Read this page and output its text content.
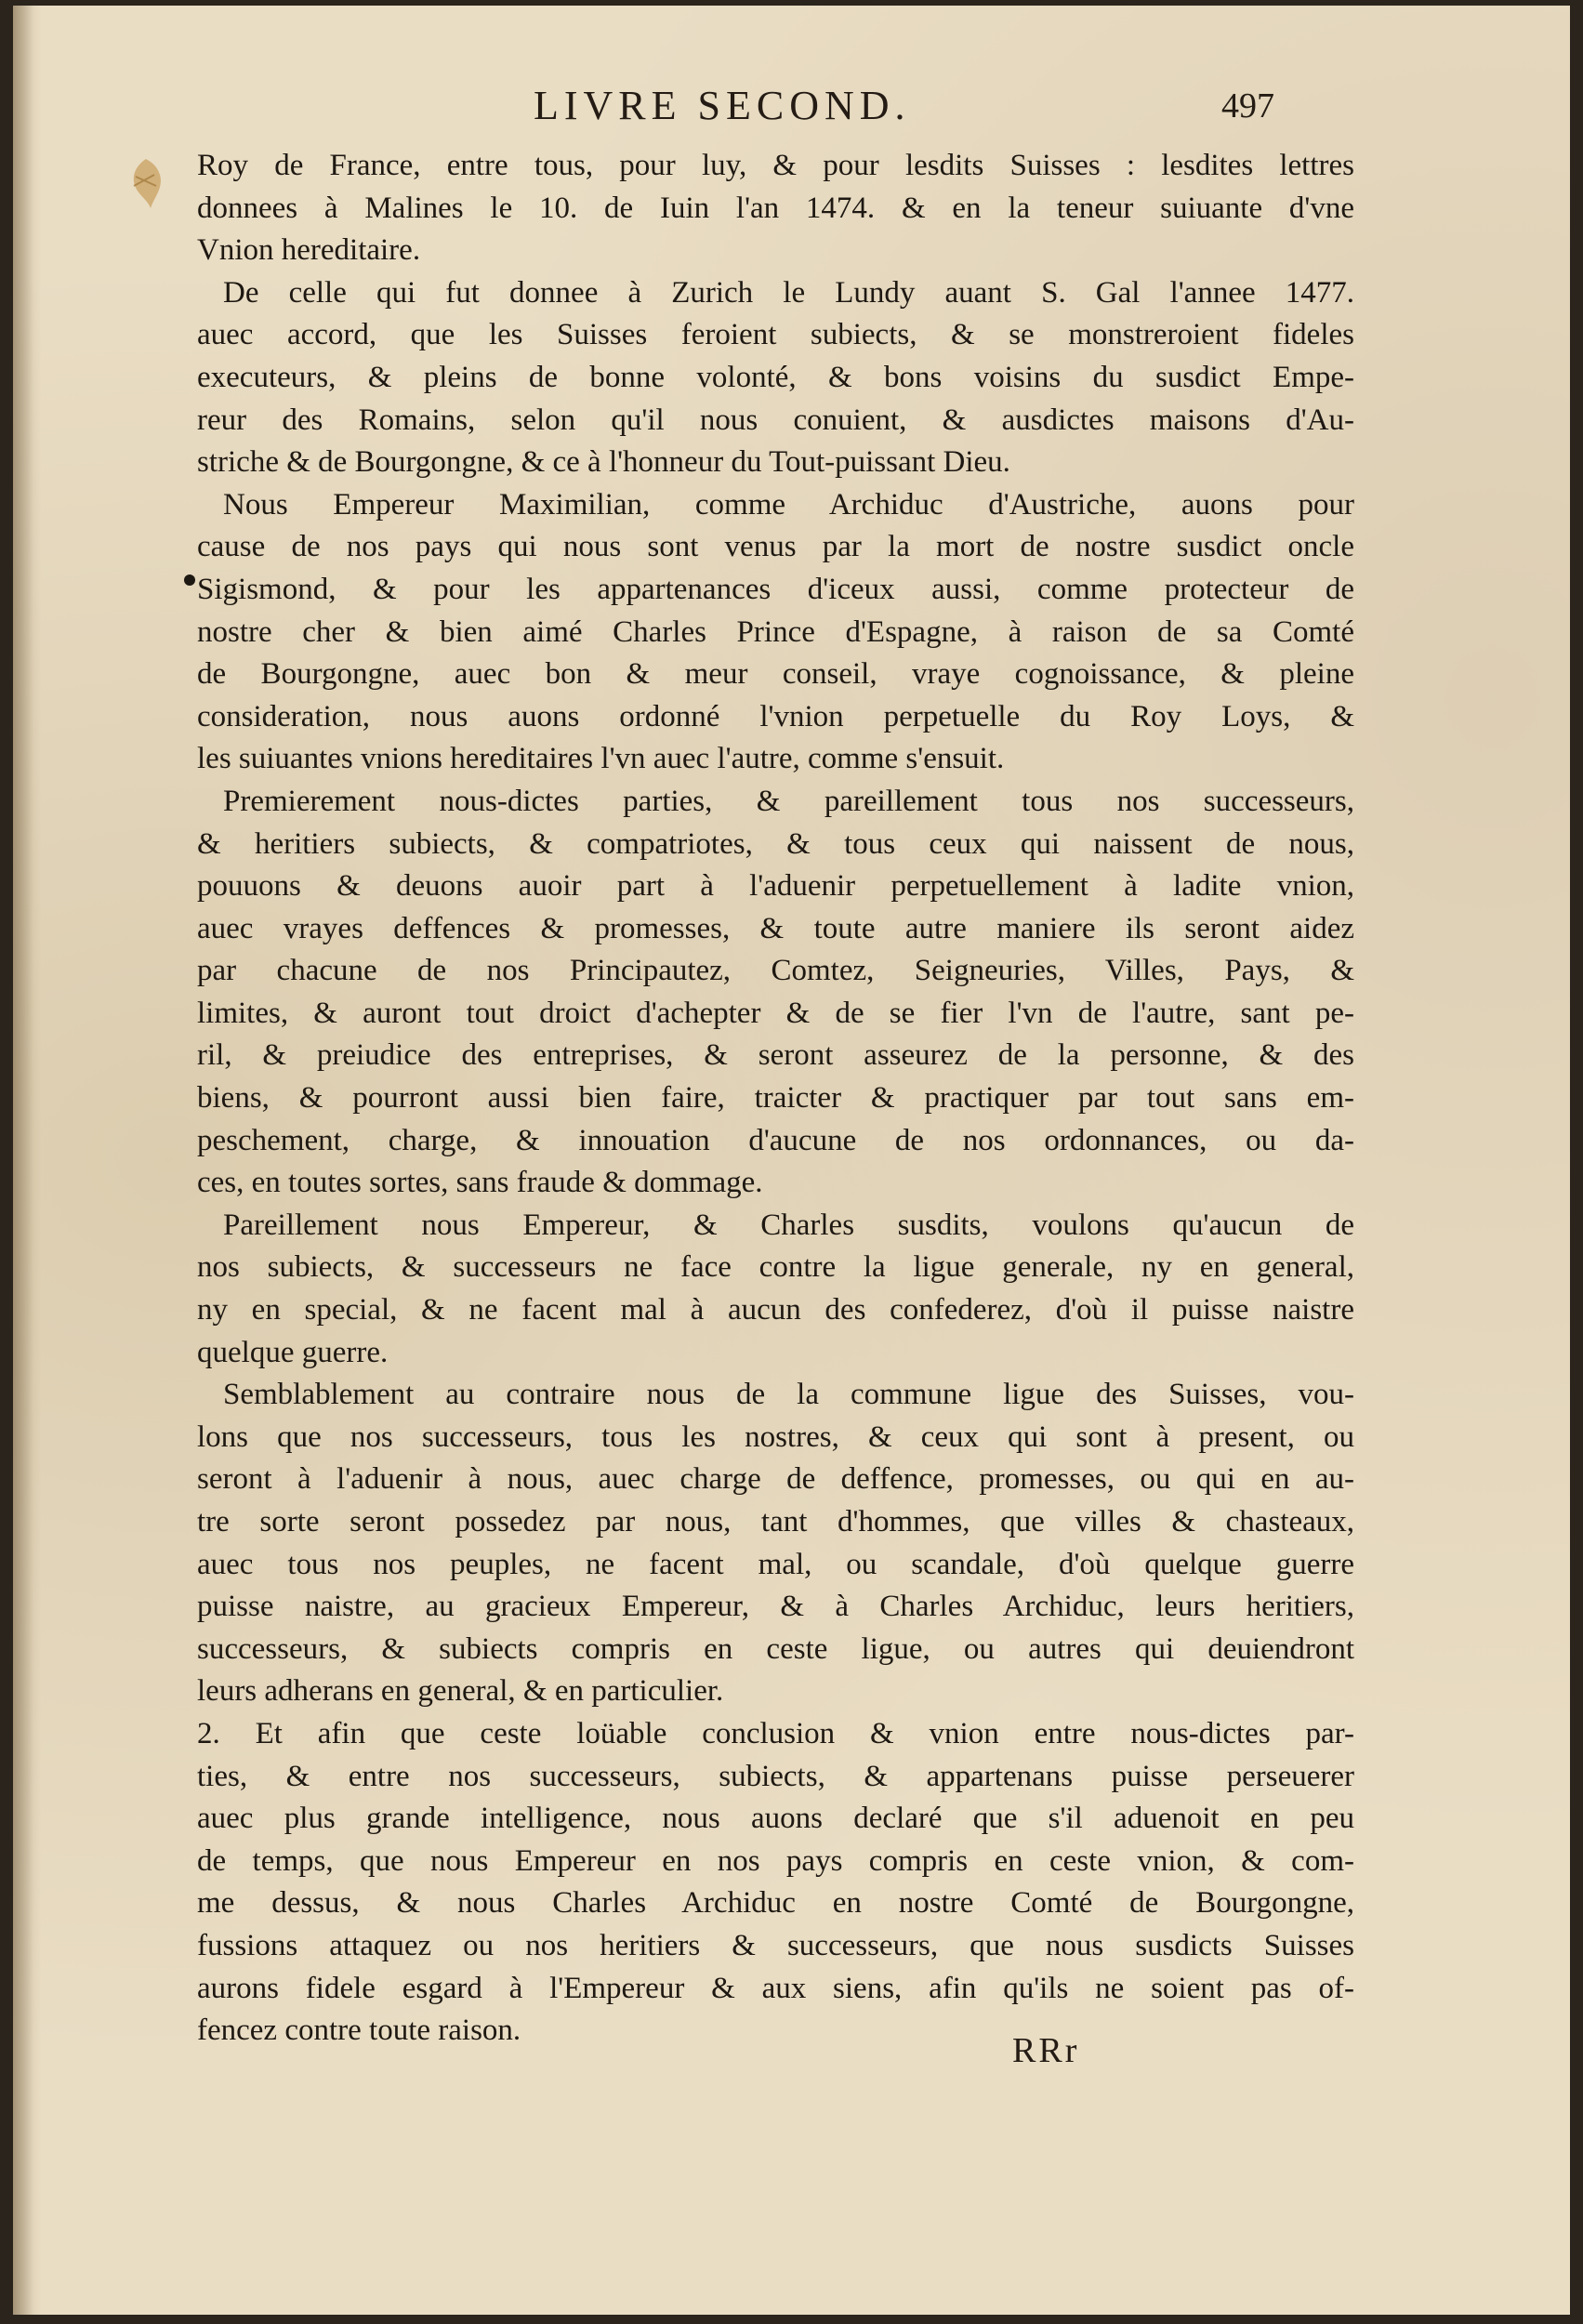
LIVRE SECOND.	497
Roy de France, entre tous, pour luy, & pour lesdits Suisses : lesdites lettres
donnees à Malines le 10. de Iuin l'an 1474. & en la teneur suiuante d'vne
Vnion hereditaire.
De celle qui fut donnee à Zurich le Lundy auant S. Gal l'annee 1477.
auec accord, que les Suisses feroient subiects, & se monstreroient fideles
executeurs, & pleins de bonne volonté, & bons voisins du susdict Empe-
reur des Romains, selon qu'il nous conuient, & ausdictes maisons d'Au-
striche & de Bourgongne, & ce à l'honneur du Tout-puissant Dieu.
Nous Empereur Maximilian, comme Archiduc d'Austriche, auons pour
cause de nos pays qui nous sont venus par la mort de nostre susdict oncle
Sigismond, & pour les appartenances d'iceux aussi, comme protecteur de
nostre cher & bien aimé Charles Prince d'Espagne, à raison de sa Comté
de Bourgongne, auec bon & meur conseil, vraye cognoissance, & pleine
consideration, nous auons ordonné l'vnion perpetuelle du Roy Loys, &
les suiuantes vnions hereditaires l'vn auec l'autre, comme s'ensuit.
Premierement nous-dictes parties, & pareillement tous nos successeurs,
& heritiers subiects, & compatriotes, & tous ceux qui naissent de nous,
pouuons & deuons auoir part à l'aduenir perpetuellement à ladite vnion,
auec vrayes deffences & promesses, & toute autre maniere ils seront aidez
par chacune de nos Principautez, Comtez, Seigneuries, Villes, Pays, &
limites, & auront tout droict d'achepter & de se fier l'vn de l'autre, sant pe-
ril, & preiudice des entreprises, & seront asseurez de la personne, & des
biens, & pourront aussi bien faire, traicter & practiquer par tout sans em-
peschement, charge, & innouation d'aucune de nos ordonnances, ou da-
ces, en toutes sortes, sans fraude & dommage.
Pareillement nous Empereur, & Charles susdits, voulons qu'aucun de
nos subiects, & successeurs ne face contre la ligue generale, ny en general,
ny en special, & ne facent mal à aucun des confederez, d'où il puisse naistre
quelque guerre.
Semblablement au contraire nous de la commune ligue des Suisses, vou-
lons que nos successeurs, tous les nostres, & ceux qui sont à present, ou
seront à l'aduenir à nous, auec charge de deffence, promesses, ou qui en au-
tre sorte seront possedez par nous, tant d'hommes, que villes & chasteaux,
auec tous nos peuples, ne facent mal, ou scandale, d'où quelque guerre
puisse naistre, au gracieux Empereur, & à Charles Archiduc, leurs heritiers,
successeurs, & subiects compris en ceste ligue, ou autres qui deuiendront
leurs adherans en general, & en particulier.
2. Et afin que ceste loüable conclusion & vnion entre nous-dictes par-
ties, & entre nos successeurs, subiects, & appartenans puisse perseuerer
auec plus grande intelligence, nous auons declaré que s'il aduenoit en peu
de temps, que nous Empereur en nos pays compris en ceste vnion, & com-
me dessus, & nous Charles Archiduc en nostre Comté de Bourgongne,
fussions attaquez ou nos heritiers & successeurs, que nous susdicts Suisses
aurons fidele esgard à l'Empereur & aux siens, afin qu'ils ne soient pas of-
fencez contre toute raison.
RRr
